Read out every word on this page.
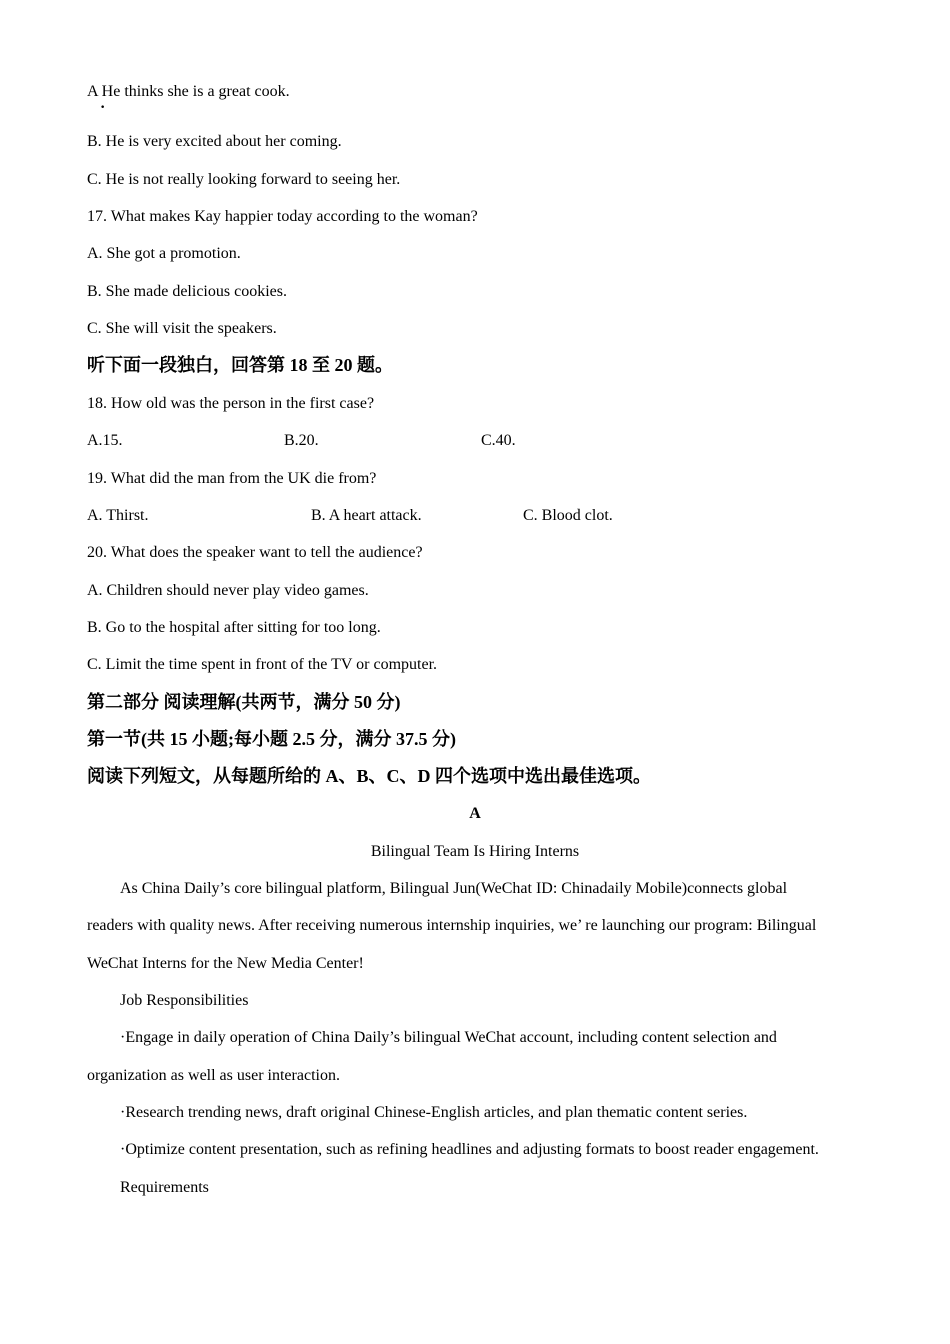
A He thinks she is a great cook.
·
B. He is very excited about her coming.
C. He is not really looking forward to seeing her.
17. What makes Kay happier today according to the woman?
A. She got a promotion.
B. She made delicious cookies.
C. She will visit the speakers.
听下面一段独白，回答第 18 至 20 题。
18. How old was the person in the first case?
A.15.	B.20.	C.40.
19. What did the man from the UK die from?
A. Thirst.	B. A heart attack.	C. Blood clot.
20. What does the speaker want to tell the audience?
A. Children should never play video games.
B. Go to the hospital after sitting for too long.
C. Limit the time spent in front of the TV or computer.
第二部分 阅读理解(共两节，满分 50 分)
第一节(共 15 小题;每小题 2.5 分，满分 37.5 分)
阅读下列短文，从每题所给的 A、B、C、D 四个选项中选出最佳选项。
A
Bilingual Team Is Hiring Interns
As China Daily’s core bilingual platform, Bilingual Jun(WeChat ID: Chinadaily Mobile)connects global
readers with quality news. After receiving numerous internship inquiries, we’ re launching our program: Bilingual
WeChat Interns for the New Media Center!
Job Responsibilities
·Engage in daily operation of China Daily’s bilingual WeChat account, including content selection and
organization as well as user interaction.
·Research trending news, draft original Chinese-English articles, and plan thematic content series.
·Optimize content presentation, such as refining headlines and adjusting formats to boost reader engagement.
Requirements
